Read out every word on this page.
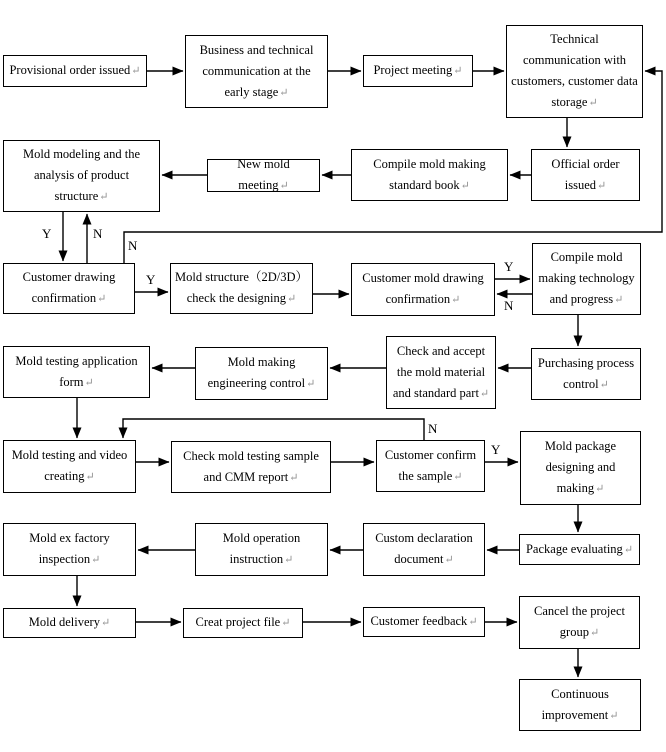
Provisional order issued↵
Business and technical communication at the early stage↵
Project meeting↵
Technical communication with customers, customer data storage↵
Mold modeling and the analysis of product structure↵
New mold meeting↵
Compile mold making standard book↵
Official order issued↵
Customer drawing confirmation↵
Mold structure（2D/3D）check the designing↵
Customer mold drawing confirmation↵
Compile mold making technology and progress↵
Mold testing application form↵
Mold making engineering control↵
Check and accept the mold material and standard part↵
Purchasing process control↵
Mold testing and video creating↵
Check mold testing sample and CMM report↵
Customer confirm the sample↵
Mold package designing and making↵
Mold ex factory inspection↵
Mold operation instruction↵
Custom declaration document↵
Package evaluating↵
Mold delivery↵	Creat project file↵	Customer feedback↵
Cancel the project group↵
Continuous improvement↵
Y	N
N
Y
Y
N
N
Y
